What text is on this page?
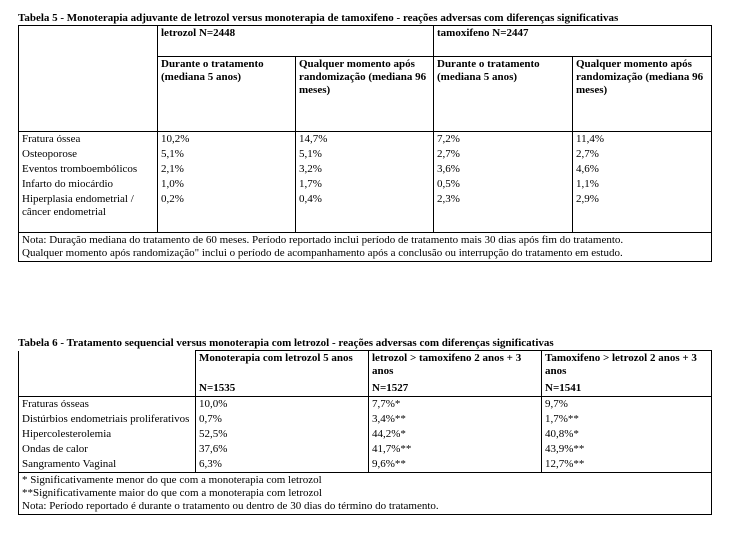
Tabela 5 - Monoterapia adjuvante de letrozol versus monoterapia de tamoxifeno - reações adversas com diferenças significativas
	letrozol N=2448		tamoxifeno N=2447	
	Durante o tratamento (mediana 5 anos)	Qualquer momento após randomização (mediana 96 meses)	Durante o tratamento (mediana 5 anos)	Qualquer momento após randomização (mediana 96 meses)
Fratura óssea	10,2%	14,7%	7,2%	11,4%
Osteoporose	5,1%	5,1%	2,7%	2,7%
Eventos tromboembólicos	2,1%	3,2%	3,6%	4,6%
Infarto do miocárdio	1,0%	1,7%	0,5%	1,1%
Hiperplasia endometrial / câncer endometrial	0,2%	0,4%	2,3%	2,9%

Nota: Duração mediana do tratamento de 60 meses. Período reportado inclui período de tratamento mais 30 dias após fim do tratamento.
Qualquer momento após randomização" inclui o período de acompanhamento após a conclusão ou interrupção do tratamento em estudo.				
Tabela 6 - Tratamento sequencial versus monoterapia com letrozol - reações adversas com diferenças significativas
	Monoterapia com letrozol 5 anos	letrozol > tamoxifeno 2 anos + 3 anos	Tamoxifeno > letrozol 2 anos + 3 anos
	N=1535	N=1527	N=1541
Fraturas ósseas	10,0%	7,7%*	9,7%
Distúrbios endometriais proliferativos	0,7%	3,4%**	1,7%**
Hipercolesterolemia	52,5%	44,2%*	40,8%*
Ondas de calor	37,6%	41,7%**	43,9%**
Sangramento Vaginal	6,3%	9,6%**	12,7%**

* Significativamente menor do que com a monoterapia com letrozol
**Significativamente maior do que com a monoterapia com letrozol
Nota: Período reportado é durante o tratamento ou dentro de 30 dias do término do tratamento.			
